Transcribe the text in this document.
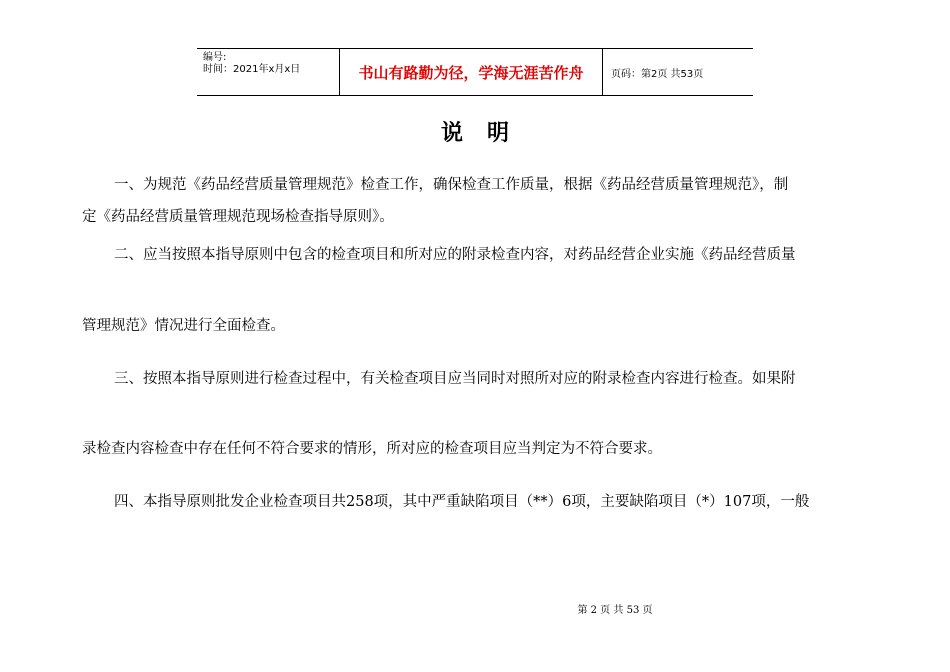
编号:
时间：2021年x月x日	书山有路勤为径，学海无涯苦作舟	页码：第2页 共53页
说明

一、为规范《药品经营质量管理规范》检查工作，确保检查工作质量，根据《药品经营质量管理规范》，制

定《药品经营质量管理规范现场检查指导原则》。

二、应当按照本指导原则中包含的检查项目和所对应的附录检查内容，对药品经营企业实施《药品经营质量

管理规范》情况进行全面检查。

三、按照本指导原则进行检查过程中，有关检查项目应当同时对照所对应的附录检查内容进行检查。如果附

录检查内容检查中存在任何不符合要求的情形，所对应的检查项目应当判定为不符合要求。

四、本指导原则批发企业检查项目共258项，其中严重缺陷项目（**）6项，主要缺陷项目（*）107项，一般

第 2 页 共 53 页
